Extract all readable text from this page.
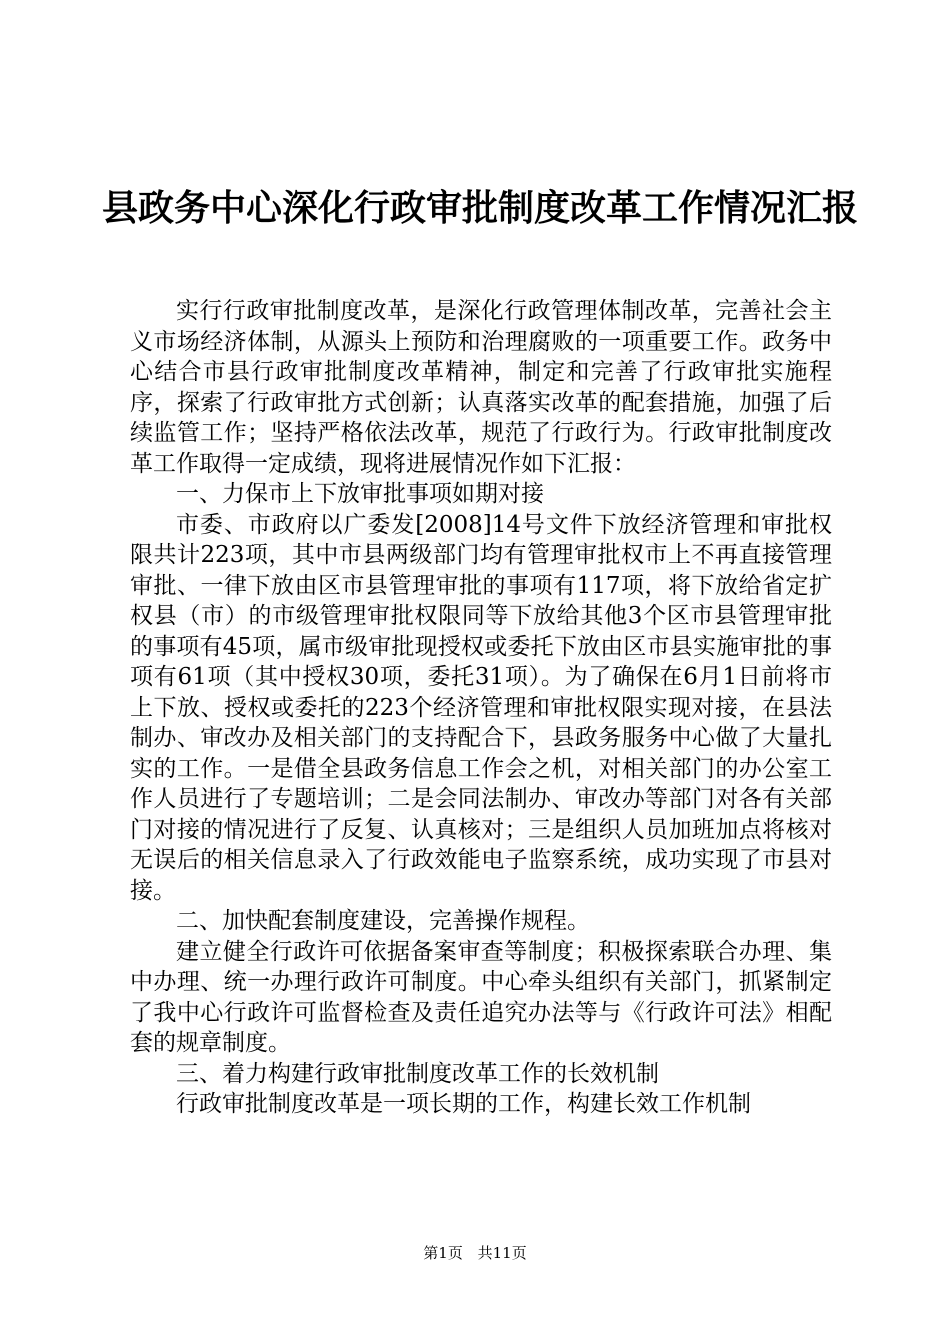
县政务中心深化行政审批制度改革工作情况汇报

实行行政审批制度改革，是深化行政管理体制改革，完善社会主义市场经济体制，从源头上预防和治理腐败的一项重要工作。政务中心结合市县行政审批制度改革精神，制定和完善了行政审批实施程序，探索了行政审批方式创新；认真落实改革的配套措施，加强了后续监管工作；坚持严格依法改革，规范了行政行为。行政审批制度改革工作取得一定成绩，现将进展情况作如下汇报：

一、力保市上下放审批事项如期对接

市委、市政府以广委发[2008]14号文件下放经济管理和审批权限共计223项，其中市县两级部门均有管理审批权市上不再直接管理审批、一律下放由区市县管理审批的事项有117项，将下放给省定扩权县（市）的市级管理审批权限同等下放给其他3个区市县管理审批的事项有45项，属市级审批现授权或委托下放由区市县实施审批的事项有61项（其中授权30项，委托31项）。为了确保在6月1日前将市上下放、授权或委托的223个经济管理和审批权限实现对接，在县法制办、审改办及相关部门的支持配合下，县政务服务中心做了大量扎实的工作。一是借全县政务信息工作会之机，对相关部门的办公室工作人员进行了专题培训；二是会同法制办、审改办等部门对各有关部门对接的情况进行了反复、认真核对；三是组织人员加班加点将核对无误后的相关信息录入了行政效能电子监察系统，成功实现了市县对接。

二、加快配套制度建设，完善操作规程。

建立健全行政许可依据备案审查等制度；积极探索联合办理、集中办理、统一办理行政许可制度。中心牵头组织有关部门，抓紧制定了我中心行政许可监督检查及责任追究办法等与《行政许可法》相配套的规章制度。

三、着力构建行政审批制度改革工作的长效机制

行政审批制度改革是一项长期的工作，构建长效工作机制

第1页 共11页
